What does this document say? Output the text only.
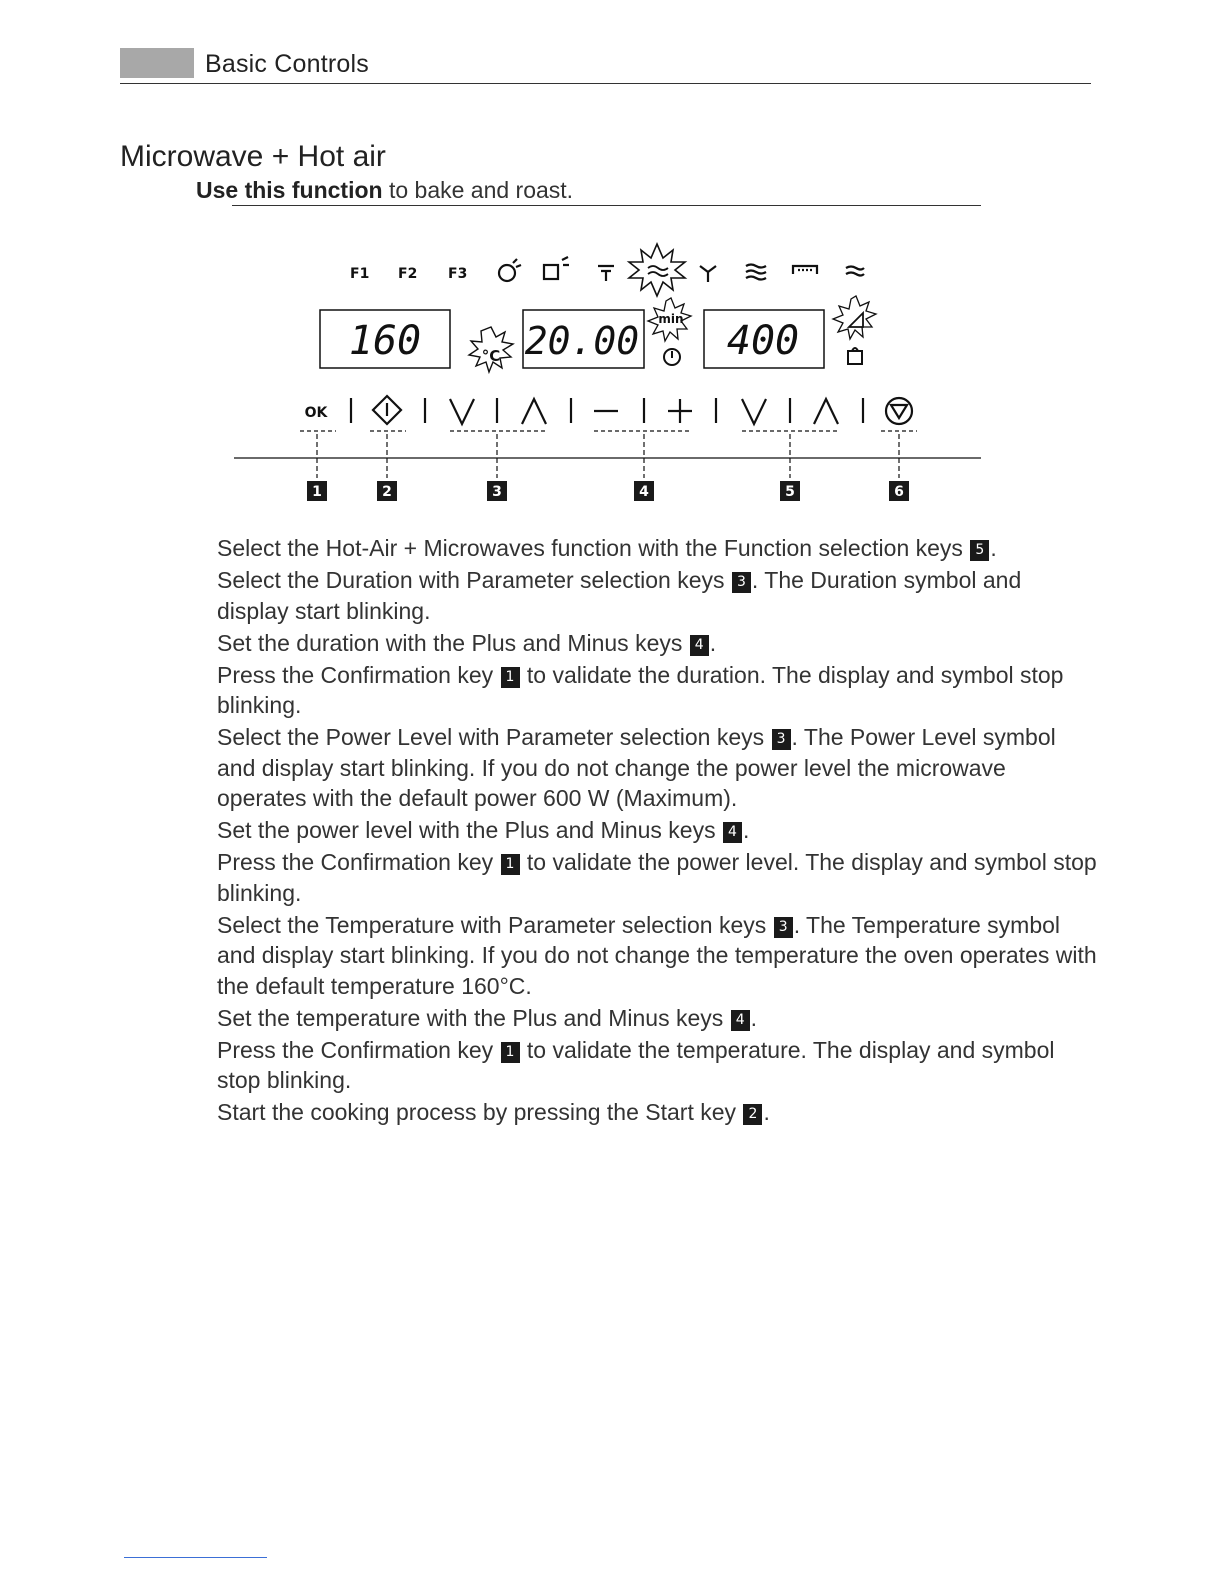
Basic Controls
Microwave + Hot air
Use this function to bake and roast.
F1 F2 F3
160	°C 20.00 min 400
OK
1	2	3	4	5	6
Select the Hot-Air + Microwaves function with the Function selection keys 5 .
Select the Duration with Parameter selection keys 3 . The Duration symbol and display start blinking.
Set the duration with the Plus and Minus keys 4 .
Press the Confirmation key 1 to validate the duration. The display and symbol stop blinking.
Select the Power Level with Parameter selection keys 3 . The Power Level symbol and display start blinking. If you do not change the power level the microwave operates with the default power 600 W (Maximum).
Set the power level with the Plus and Minus keys 4 .
Press the Confirmation key 1 to validate the power level. The display and symbol stop blinking.
Select the Temperature with Parameter selection keys 3 . The Temperature symbol and display start blinking. If you do not change the temperature the oven operates with the default temperature 160°C.
Set the temperature with the Plus and Minus keys 4 .
Press the Confirmation key 1 to validate the temperature. The display and symbol stop blinking.
Start the cooking process by pressing the Start key 2 .
